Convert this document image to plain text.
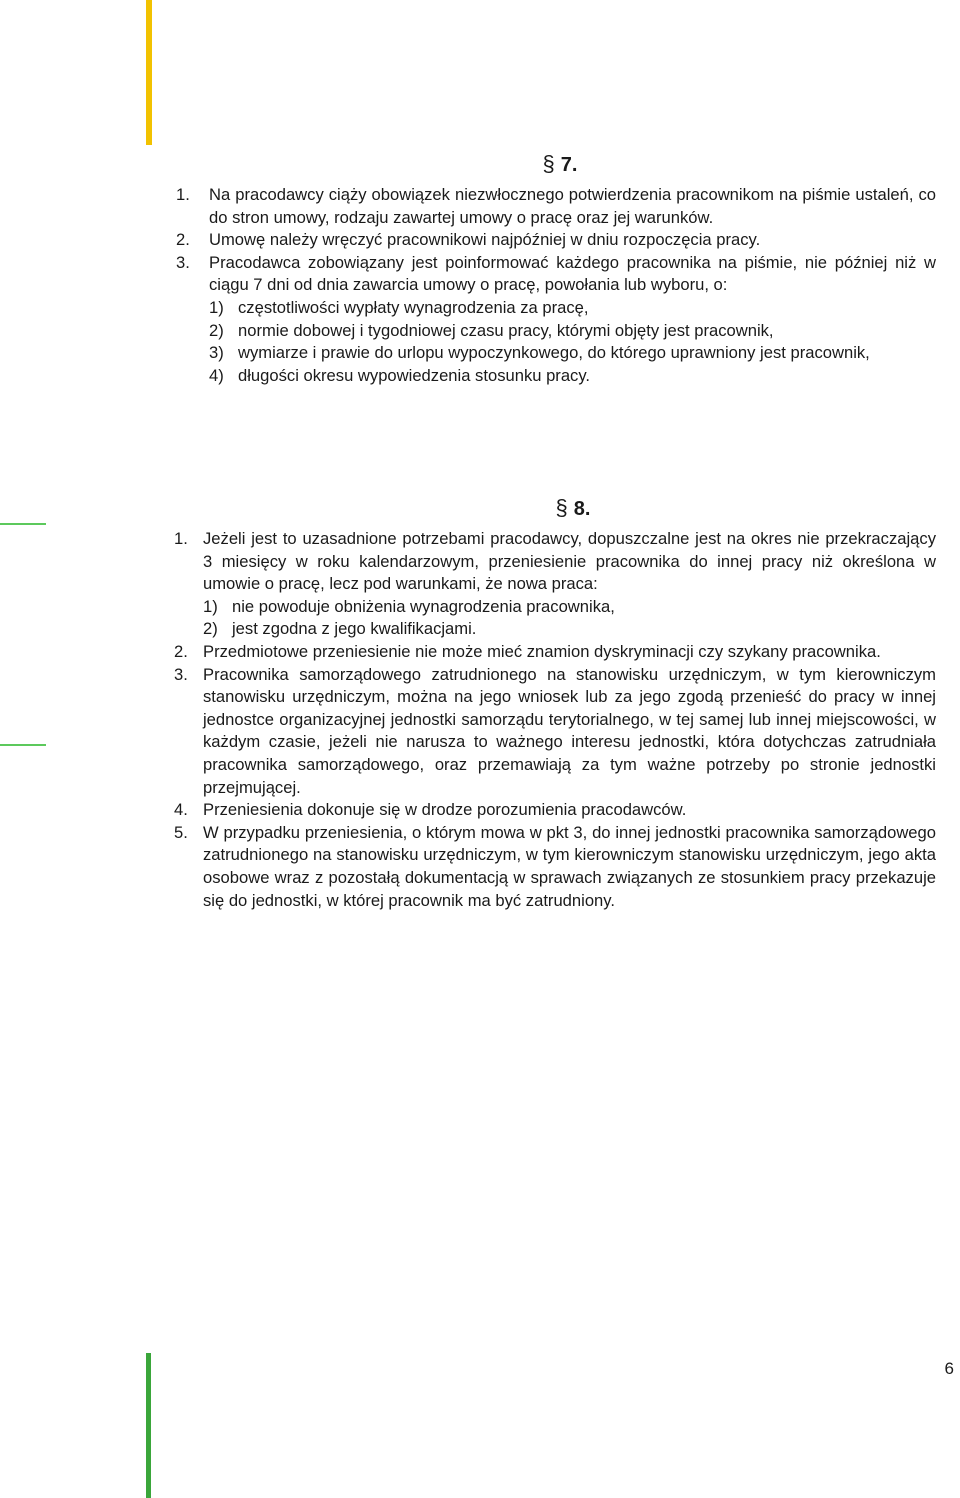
§ 7.
1.	Na pracodawcy ciąży obowiązek niezwłocznego potwierdzenia pracownikom na piśmie ustaleń, co do stron umowy, rodzaju zawartej umowy o pracę oraz jej warunków.
2.	Umowę należy wręczyć pracownikowi najpóźniej w dniu rozpoczęcia pracy.
3.	Pracodawca zobowiązany jest poinformować każdego pracownika na piśmie, nie później niż w ciągu 7 dni od dnia zawarcia umowy o pracę, powołania lub wyboru, o:
1) częstotliwości wypłaty wynagrodzenia za pracę,
2) normie dobowej i tygodniowej czasu pracy, którymi objęty jest pracownik,
3) wymiarze i prawie do urlopu wypoczynkowego, do którego uprawniony jest pracownik,
4) długości okresu wypowiedzenia stosunku pracy.
§ 8.
1. Jeżeli jest to uzasadnione potrzebami pracodawcy, dopuszczalne jest na okres nie przekraczający 3 miesięcy w roku kalendarzowym, przeniesienie pracownika do innej pracy niż określona w umowie o pracę, lecz pod warunkami, że nowa praca:
1) nie powoduje obniżenia wynagrodzenia pracownika,
2) jest zgodna z jego kwalifikacjami.
2. Przedmiotowe przeniesienie nie może mieć znamion dyskryminacji czy szykany pracownika.
3. Pracownika samorządowego zatrudnionego na stanowisku urzędniczym, w tym kierowniczym stanowisku urzędniczym, można na jego wniosek lub za jego zgodą przenieść do pracy w innej jednostce organizacyjnej jednostki samorządu terytorialnego, w tej samej lub innej miejscowości, w każdym czasie, jeżeli nie narusza to ważnego interesu jednostki, która dotychczas zatrudniała pracownika samorządowego, oraz przemawiają za tym ważne potrzeby po stronie jednostki przejmującej.
4. Przeniesienia dokonuje się w drodze porozumienia pracodawców.
5. W przypadku przeniesienia, o którym mowa w pkt 3, do innej jednostki pracownika samorządowego zatrudnionego na stanowisku urzędniczym, w tym kierowniczym stanowisku urzędniczym, jego akta osobowe wraz z pozostałą dokumentacją w sprawach związanych ze stosunkiem pracy przekazuje się do jednostki, w której pracownik ma być zatrudniony.
6
